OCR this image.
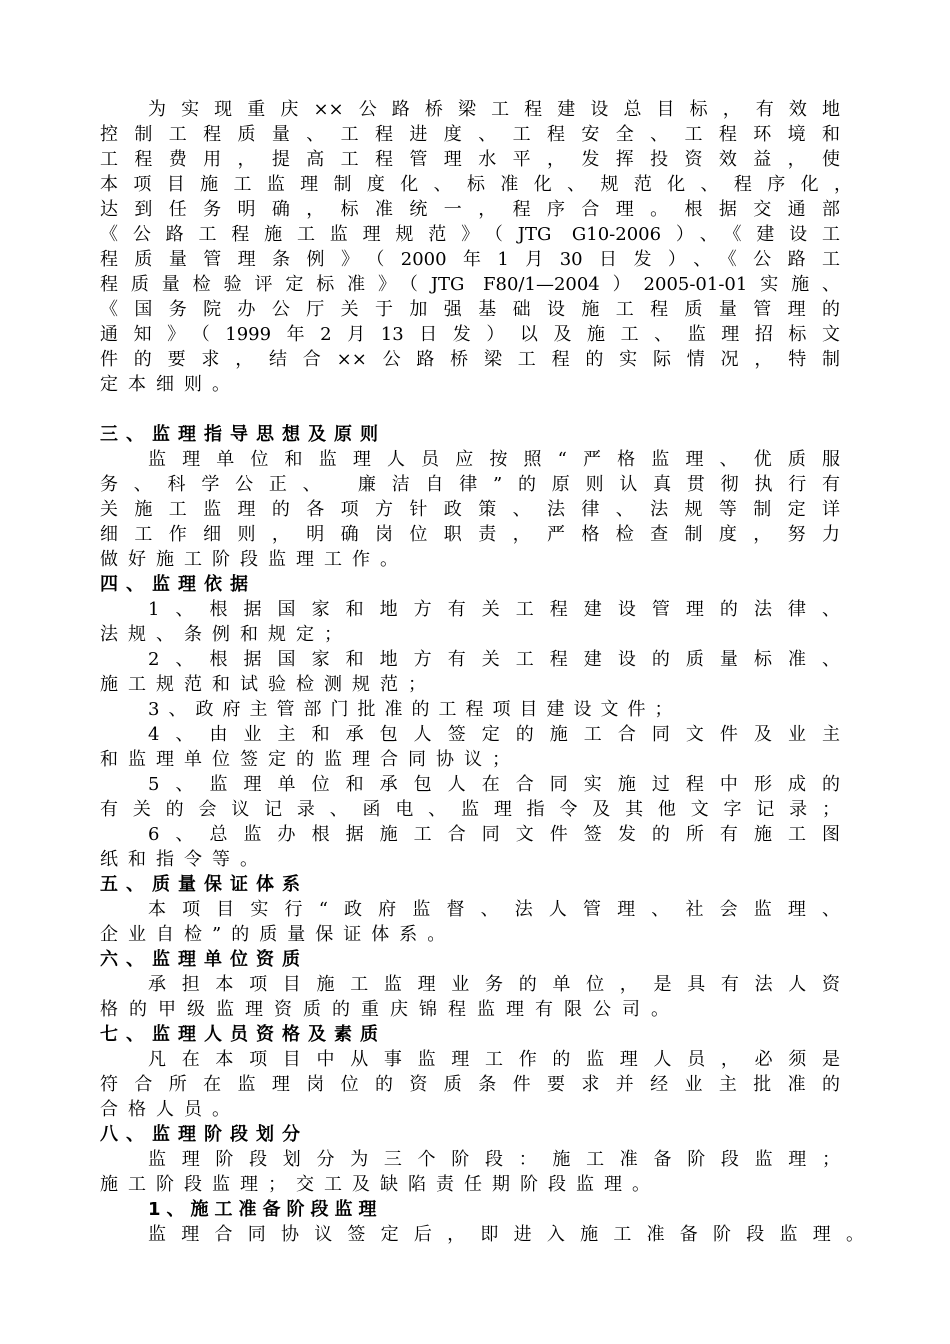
为实现重庆××公路桥梁工程建设总目标，有效地
控制工程质量、工程进度、工程安全、工程环境和
工程费用，提高工程管理水平，发挥投资效益，使
本项目施工监理制度化、标准化、规范化、程序化，
达到任务明确，标准统一，程序合理。根据交通部
《公路工程施工监理规范》（JTG G10-2006）、《建设工
程质量管理条例》（2000年1月30日发）、《公路工
程质量检验评定标准》（JTG F80/1—2004）2005-01-01实施、
《国务院办公厅关于加强基础设施工程质量管理的
通知》（1999年2月13日发）以及施工、监理招标文
件的要求，结合××公路桥梁工程的实际情况，特制
定本细则。
三、监理指导思想及原则
监理单位和监理人员应按照“严格监理、优质服
务、科学公正、 廉洁自律”的原则认真贯彻执行有
关施工监理的各项方针政策、法律、法规等制定详
细工作细则，明确岗位职责，严格检查制度，努力
做好施工阶段监理工作。
四、监理依据
1、根据国家和地方有关工程建设管理的法律、
法规、条例和规定；
2、根据国家和地方有关工程建设的质量标准、
施工规范和试验检测规范；
3、政府主管部门批准的工程项目建设文件；
4、由业主和承包人签定的施工合同文件及业主
和监理单位签定的监理合同协议；
5、监理单位和承包人在合同实施过程中形成的
有关的会议记录、函电、监理指令及其他文字记录；
6、总监办根据施工合同文件签发的所有施工图
纸和指令等。
五、质量保证体系
本项目实行“政府监督、法人管理、社会监理、
企业自检”的质量保证体系。
六、监理单位资质
承担本项目施工监理业务的单位，是具有法人资
格的甲级监理资质的重庆锦程监理有限公司。
七、监理人员资格及素质
凡在本项目中从事监理工作的监理人员，必须是
符合所在监理岗位的资质条件要求并经业主批准的
合格人员。
八、监理阶段划分
监理阶段划分为三个阶段：施工准备阶段监理；
施工阶段监理；交工及缺陷责任期阶段监理。
1、施工准备阶段监理
监理合同协议签定后，即进入施工准备阶段监理。
